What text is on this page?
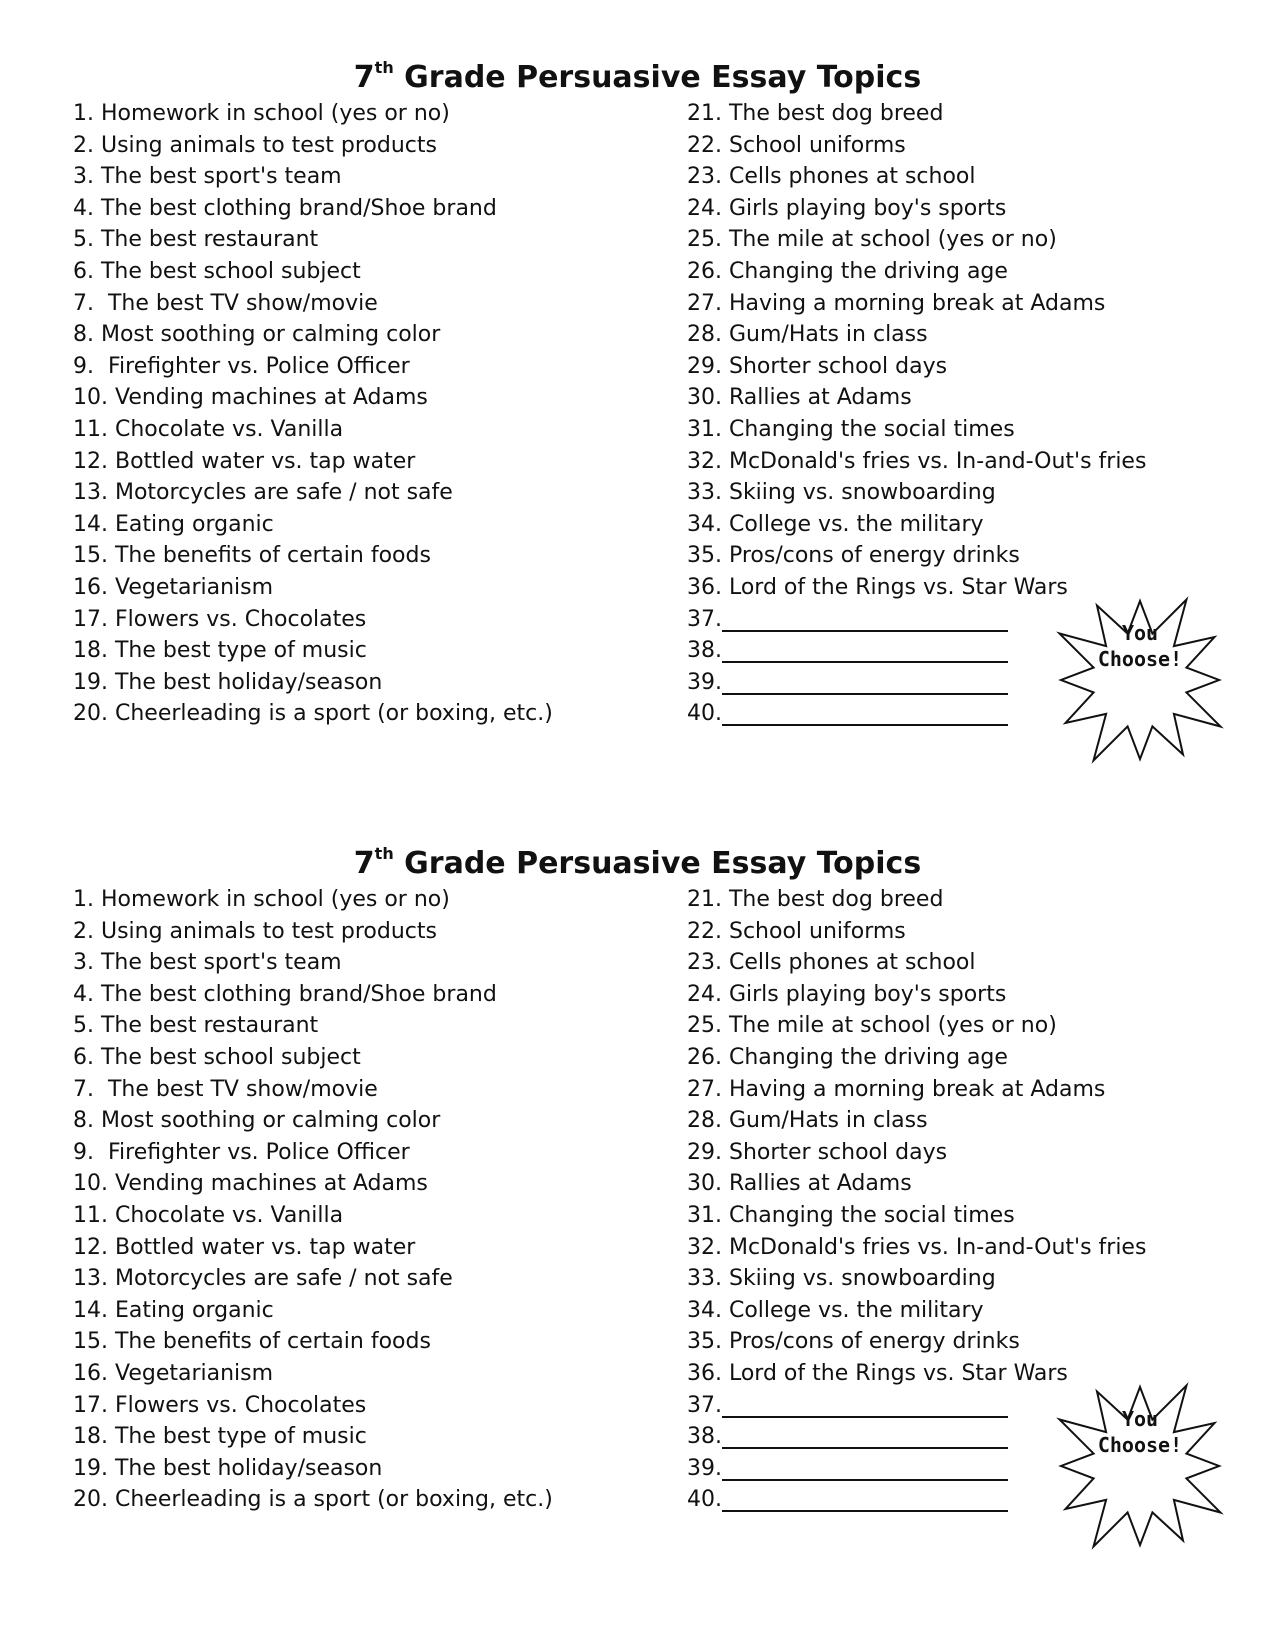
7th Grade Persuasive Essay Topics
1. Homework in school (yes or no)
2. Using animals to test products
3. The best sport's team
4. The best clothing brand/Shoe brand
5. The best restaurant
6. The best school subject
7.  The best TV show/movie
8. Most soothing or calming color
9.  Firefighter vs. Police Officer
10. Vending machines at Adams
11. Chocolate vs. Vanilla
12. Bottled water vs. tap water
13. Motorcycles are safe / not safe
14. Eating organic
15. The benefits of certain foods
16. Vegetarianism
17. Flowers vs. Chocolates
18. The best type of music
19. The best holiday/season
20. Cheerleading is a sport (or boxing, etc.)
21. The best dog breed
22. School uniforms
23. Cells phones at school
24. Girls playing boy's sports
25. The mile at school (yes or no)
26. Changing the driving age
27. Having a morning break at Adams
28. Gum/Hats in class
29. Shorter school days
30. Rallies at Adams
31. Changing the social times
32. McDonald's fries vs. In-and-Out's fries
33. Skiing vs. snowboarding
34. College vs. the military
35. Pros/cons of energy drinks
36. Lord of the Rings vs. Star Wars
37.
38.
39.
40.
You
Choose!
7th Grade Persuasive Essay Topics
1. Homework in school (yes or no)
2. Using animals to test products
3. The best sport's team
4. The best clothing brand/Shoe brand
5. The best restaurant
6. The best school subject
7.  The best TV show/movie
8. Most soothing or calming color
9.  Firefighter vs. Police Officer
10. Vending machines at Adams
11. Chocolate vs. Vanilla
12. Bottled water vs. tap water
13. Motorcycles are safe / not safe
14. Eating organic
15. The benefits of certain foods
16. Vegetarianism
17. Flowers vs. Chocolates
18. The best type of music
19. The best holiday/season
20. Cheerleading is a sport (or boxing, etc.)
21. The best dog breed
22. School uniforms
23. Cells phones at school
24. Girls playing boy's sports
25. The mile at school (yes or no)
26. Changing the driving age
27. Having a morning break at Adams
28. Gum/Hats in class
29. Shorter school days
30. Rallies at Adams
31. Changing the social times
32. McDonald's fries vs. In-and-Out's fries
33. Skiing vs. snowboarding
34. College vs. the military
35. Pros/cons of energy drinks
36. Lord of the Rings vs. Star Wars
37.
38.
39.
40.
You
Choose!
